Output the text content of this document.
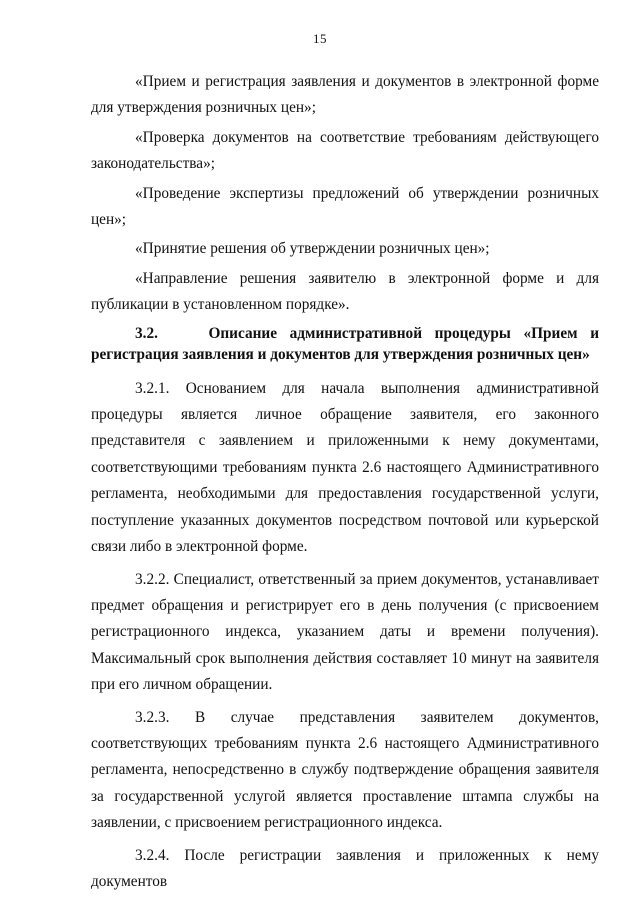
15

«Прием и регистрация заявления и документов в электронной форме для утверждения розничных цен»;

«Проверка документов на соответствие требованиям действующего законодательства»;

«Проведение экспертизы предложений об утверждении розничных цен»;

«Принятие решения об утверждении розничных цен»;

«Направление решения заявителю в электронной форме и для публикации в установленном порядке».

3.2.	Описание административной процедуры «Прием и регистрация заявления и документов для утверждения розничных цен»

3.2.1. Основанием для начала выполнения административной процедуры является личное обращение заявителя, его законного представителя с заявлением и приложенными к нему документами, соответствующими требованиям пункта 2.6 настоящего Административного регламента, необходимыми для предоставления государственной услуги, поступление указанных документов посредством почтовой или курьерской связи либо в электронной форме.

3.2.2. Специалист, ответственный за прием документов, устанавливает предмет обращения и регистрирует его в день получения (с присвоением регистрационного индекса, указанием даты и времени получения). Максимальный срок выполнения действия составляет 10 минут на заявителя при его личном обращении.

3.2.3. В случае представления заявителем документов, соответствующих требованиям пункта 2.6 настоящего Административного регламента, непосредственно в службу подтверждение обращения заявителя за государственной услугой является проставление штампа службы на заявлении, с присвоением регистрационного индекса.

3.2.4. После регистрации заявления и приложенных к нему документов
